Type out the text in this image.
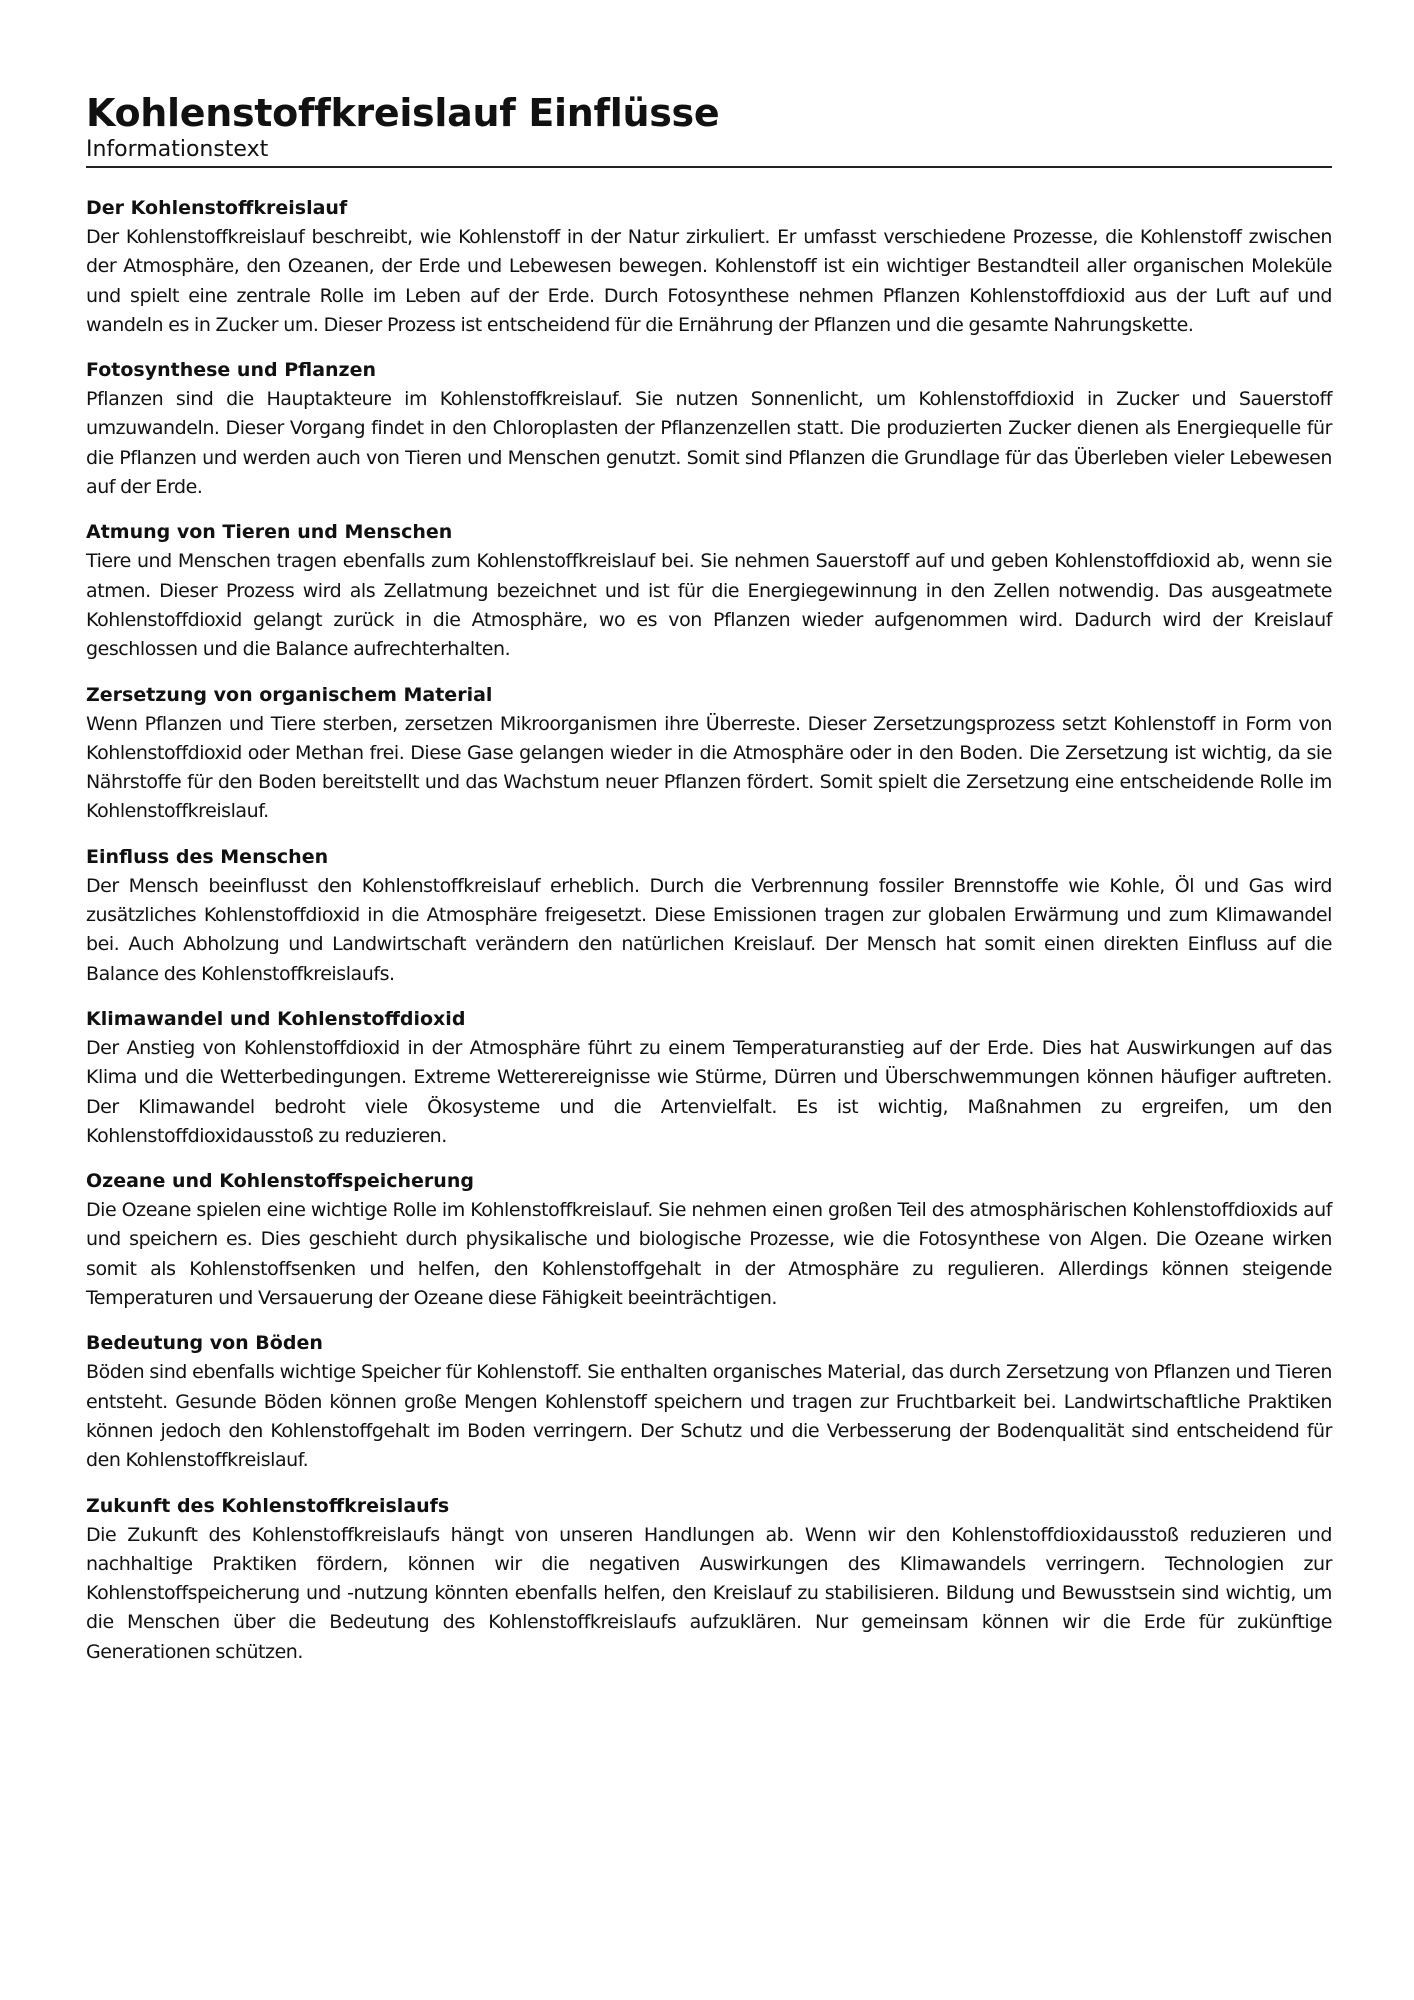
Kohlenstoffkreislauf Einflüsse
Informationstext
Der Kohlenstoffkreislauf

Der Kohlenstoffkreislauf beschreibt, wie Kohlenstoff in der Natur zirkuliert. Er umfasst verschiedene Prozesse, die Kohlenstoff zwischen der Atmosphäre, den Ozeanen, der Erde und Lebewesen bewegen. Kohlenstoff ist ein wichtiger Bestandteil aller organischen Moleküle und spielt eine zentrale Rolle im Leben auf der Erde. Durch Fotosynthese nehmen Pflanzen Kohlenstoffdioxid aus der Luft auf und wandeln es in Zucker um. Dieser Prozess ist entscheidend für die Ernährung der Pflanzen und die gesamte Nahrungskette.

Fotosynthese und Pflanzen

Pflanzen sind die Hauptakteure im Kohlenstoffkreislauf. Sie nutzen Sonnenlicht, um Kohlenstoffdioxid in Zucker und Sauerstoff umzuwandeln. Dieser Vorgang findet in den Chloroplasten der Pflanzenzellen statt. Die produzierten Zucker dienen als Energiequelle für die Pflanzen und werden auch von Tieren und Menschen genutzt. Somit sind Pflanzen die Grundlage für das Überleben vieler Lebewesen auf der Erde.

Atmung von Tieren und Menschen

Tiere und Menschen tragen ebenfalls zum Kohlenstoffkreislauf bei. Sie nehmen Sauerstoff auf und geben Kohlenstoffdioxid ab, wenn sie atmen. Dieser Prozess wird als Zellatmung bezeichnet und ist für die Energiegewinnung in den Zellen notwendig. Das ausgeatmete Kohlenstoffdioxid gelangt zurück in die Atmosphäre, wo es von Pflanzen wieder aufgenommen wird. Dadurch wird der Kreislauf geschlossen und die Balance aufrechterhalten.

Zersetzung von organischem Material

Wenn Pflanzen und Tiere sterben, zersetzen Mikroorganismen ihre Überreste. Dieser Zersetzungsprozess setzt Kohlenstoff in Form von Kohlenstoffdioxid oder Methan frei. Diese Gase gelangen wieder in die Atmosphäre oder in den Boden. Die Zersetzung ist wichtig, da sie Nährstoffe für den Boden bereitstellt und das Wachstum neuer Pflanzen fördert. Somit spielt die Zersetzung eine entscheidende Rolle im Kohlenstoffkreislauf.

Einfluss des Menschen

Der Mensch beeinflusst den Kohlenstoffkreislauf erheblich. Durch die Verbrennung fossiler Brennstoffe wie Kohle, Öl und Gas wird zusätzliches Kohlenstoffdioxid in die Atmosphäre freigesetzt. Diese Emissionen tragen zur globalen Erwärmung und zum Klimawandel bei. Auch Abholzung und Landwirtschaft verändern den natürlichen Kreislauf. Der Mensch hat somit einen direkten Einfluss auf die Balance des Kohlenstoffkreislaufs.

Klimawandel und Kohlenstoffdioxid

Der Anstieg von Kohlenstoffdioxid in der Atmosphäre führt zu einem Temperaturanstieg auf der Erde. Dies hat Auswirkungen auf das Klima und die Wetterbedingungen. Extreme Wetterereignisse wie Stürme, Dürren und Überschwemmungen können häufiger auftreten. Der Klimawandel bedroht viele Ökosysteme und die Artenvielfalt. Es ist wichtig, Maßnahmen zu ergreifen, um den Kohlenstoffdioxidausstoß zu reduzieren.

Ozeane und Kohlenstoffspeicherung

Die Ozeane spielen eine wichtige Rolle im Kohlenstoffkreislauf. Sie nehmen einen großen Teil des atmosphärischen Kohlenstoffdioxids auf und speichern es. Dies geschieht durch physikalische und biologische Prozesse, wie die Fotosynthese von Algen. Die Ozeane wirken somit als Kohlenstoffsenken und helfen, den Kohlenstoffgehalt in der Atmosphäre zu regulieren. Allerdings können steigende Temperaturen und Versauerung der Ozeane diese Fähigkeit beeinträchtigen.

Bedeutung von Böden

Böden sind ebenfalls wichtige Speicher für Kohlenstoff. Sie enthalten organisches Material, das durch Zersetzung von Pflanzen und Tieren entsteht. Gesunde Böden können große Mengen Kohlenstoff speichern und tragen zur Fruchtbarkeit bei. Landwirtschaftliche Praktiken können jedoch den Kohlenstoffgehalt im Boden verringern. Der Schutz und die Verbesserung der Bodenqualität sind entscheidend für den Kohlenstoffkreislauf.

Zukunft des Kohlenstoffkreislaufs

Die Zukunft des Kohlenstoffkreislaufs hängt von unseren Handlungen ab. Wenn wir den Kohlenstoffdioxidausstoß reduzieren und nachhaltige Praktiken fördern, können wir die negativen Auswirkungen des Klimawandels verringern. Technologien zur Kohlenstoffspeicherung und -nutzung könnten ebenfalls helfen, den Kreislauf zu stabilisieren. Bildung und Bewusstsein sind wichtig, um die Menschen über die Bedeutung des Kohlenstoffkreislaufs aufzuklären. Nur gemeinsam können wir die Erde für zukünftige Generationen schützen.
